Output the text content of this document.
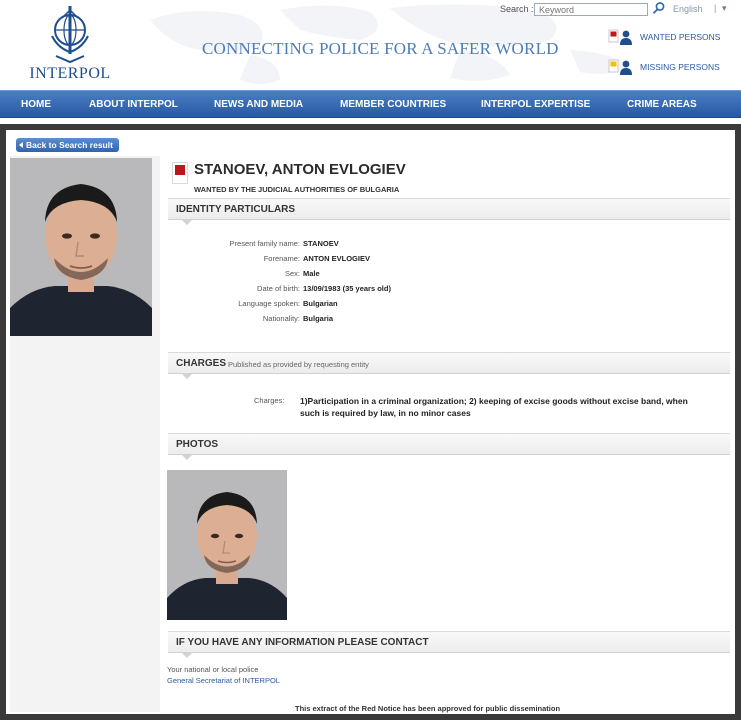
INTERPOL
CONNECTING POLICE FOR A SAFER WORLD
Search :
Keyword	English | ▾
WANTED PERSONS
MISSING PERSONS
HOME	ABOUT INTERPOL	NEWS AND MEDIA	MEMBER COUNTRIES	INTERPOL EXPERTISE	CRIME AREAS
Back to Search result
STANOEV, ANTON EVLOGIEV
WANTED BY THE JUDICIAL AUTHORITIES OF BULGARIA
IDENTITY PARTICULARS
Present family name: STANOEV
Forename: ANTON EVLOGIEV
Sex: Male
Date of birth: 13/09/1983 (35 years old)
Language spoken: Bulgarian
Nationality: Bulgaria
CHARGES Published as provided by requesting entity
Charges: 1)Participation in a criminal organization; 2) keeping of excise goods without excise band, when such is required by law, in no minor cases
PHOTOS
IF YOU HAVE ANY INFORMATION PLEASE CONTACT
Your national or local police
General Secretariat of INTERPOL
This extract of the Red Notice has been approved for public dissemination
